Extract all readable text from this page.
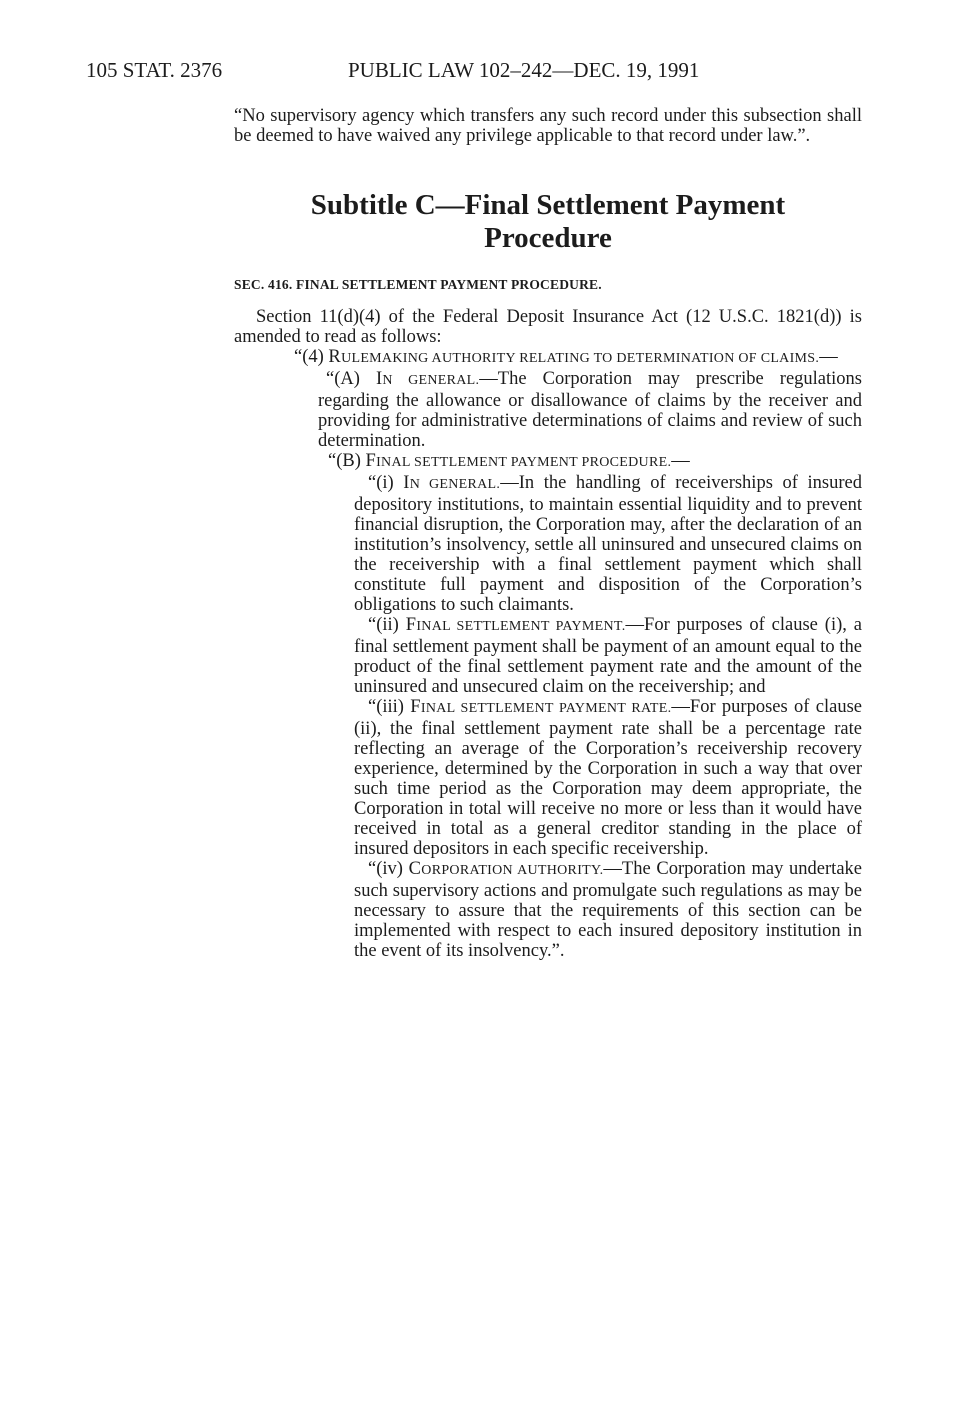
105 STAT. 2376	PUBLIC LAW 102–242—DEC. 19, 1991

“No supervisory agency which transfers any such record under this subsection shall be deemed to have waived any privilege applicable to that record under law.”.

Subtitle C—Final Settlement Payment
Procedure
SEC. 416. FINAL SETTLEMENT PAYMENT PROCEDURE.

Section 11(d)(4) of the Federal Deposit Insurance Act (12 U.S.C. 1821(d)) is amended to read as follows:

“(4) RULEMAKING AUTHORITY RELATING TO DETERMINATION OF CLAIMS.—

“(A) IN GENERAL.—The Corporation may prescribe regulations regarding the allowance or disallowance of claims by the receiver and providing for administrative determinations of claims and review of such determination.

“(B) FINAL SETTLEMENT PAYMENT PROCEDURE.—

“(i) IN GENERAL.—In the handling of receiverships of insured depository institutions, to maintain essential liquidity and to prevent financial disruption, the Corporation may, after the declaration of an institution’s insolvency, settle all uninsured and unsecured claims on the receivership with a final settlement payment which shall constitute full payment and disposition of the Corporation’s obligations to such claimants.

“(ii) FINAL SETTLEMENT PAYMENT.—For purposes of clause (i), a final settlement payment shall be payment of an amount equal to the product of the final settlement payment rate and the amount of the uninsured and unsecured claim on the receivership; and

“(iii) FINAL SETTLEMENT PAYMENT RATE.—For purposes of clause (ii), the final settlement payment rate shall be a percentage rate reflecting an average of the Corporation’s receivership recovery experience, determined by the Corporation in such a way that over such time period as the Corporation may deem appropriate, the Corporation in total will receive no more or less than it would have received in total as a general creditor standing in the place of insured depositors in each specific receivership.

“(iv) CORPORATION AUTHORITY.—The Corporation may undertake such supervisory actions and promulgate such regulations as may be necessary to assure that the requirements of this section can be implemented with respect to each insured depository institution in the event of its insolvency.”.
